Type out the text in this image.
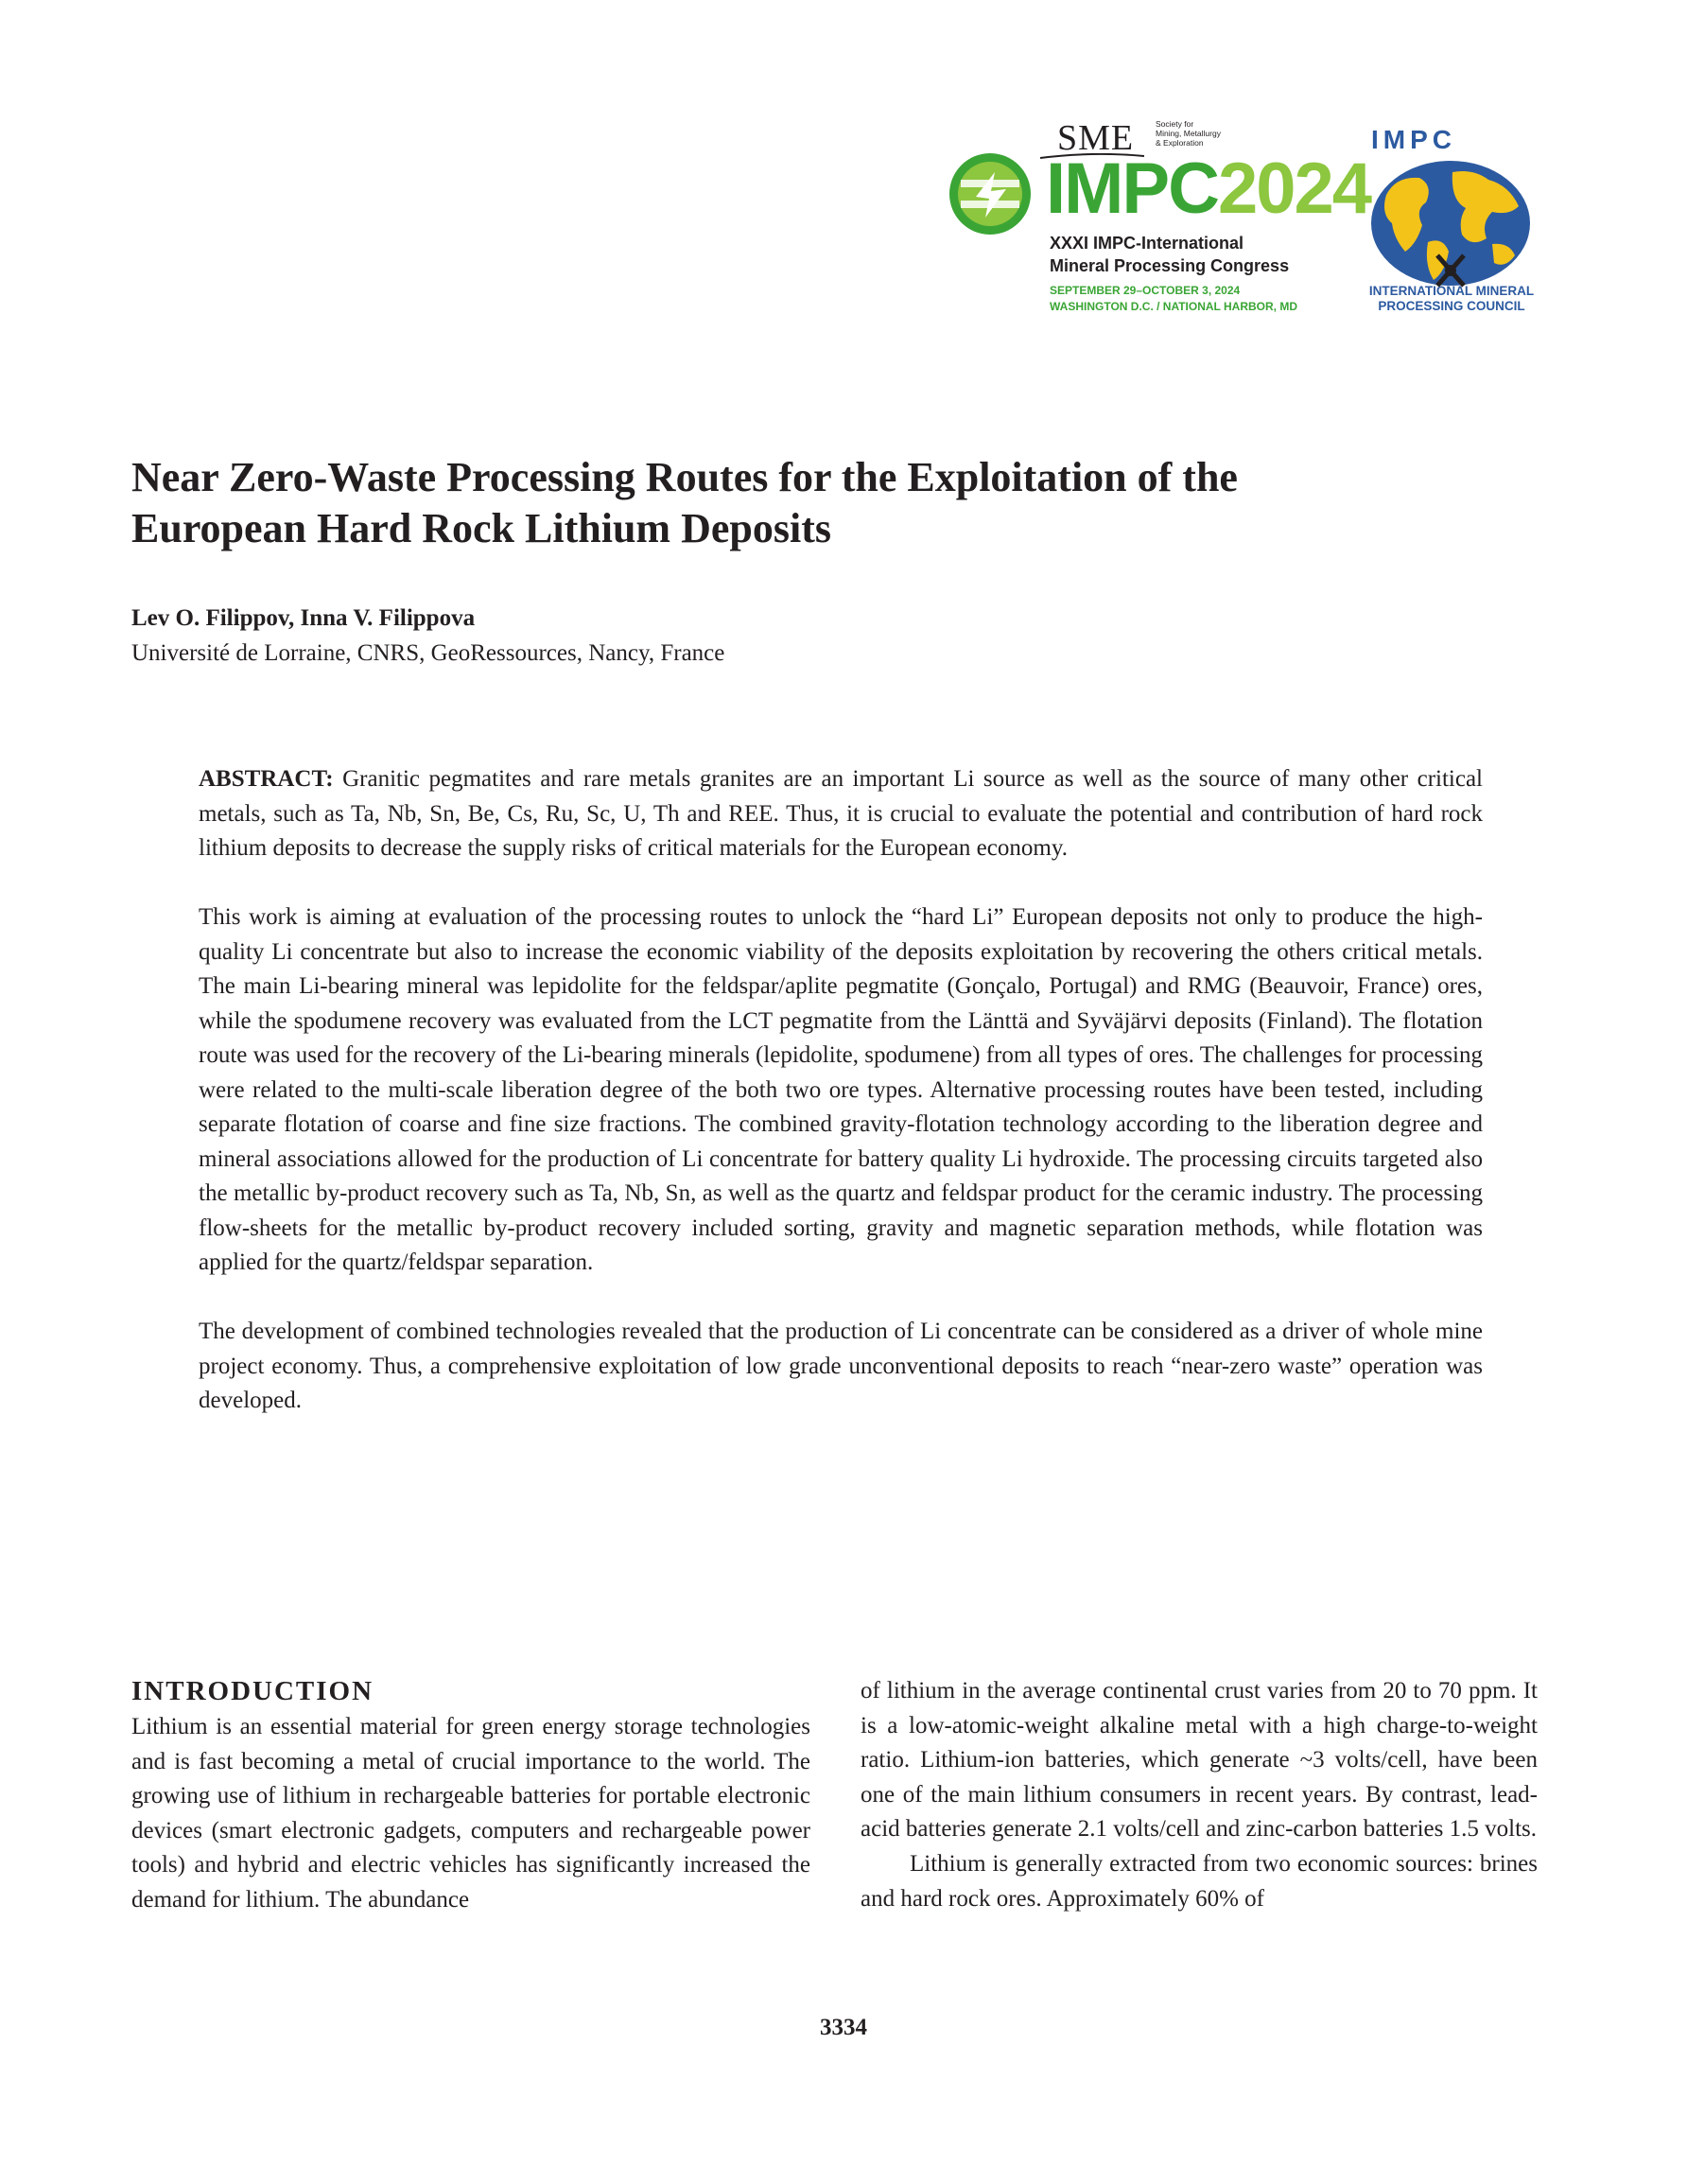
SME	Society for
Mining, Metallurgy
& Exploration
IMPC2024
XXXI IMPC-International
Mineral Processing Congress
SEPTEMBER 29–OCTOBER 3, 2024
WASHINGTON D.C. / NATIONAL HARBOR, MD
IMPC
INTERNATIONAL MINERAL
PROCESSING COUNCIL
Near Zero-Waste Processing Routes for the Exploitation of the
European Hard Rock Lithium Deposits
Lev O. Filippov, Inna V. Filippova
Université de Lorraine, CNRS, GeoRessources, Nancy, France

ABSTRACT: Granitic pegmatites and rare metals granites are an important Li source as well as the source of many other critical metals, such as Ta, Nb, Sn, Be, Cs, Ru, Sc, U, Th and REE. Thus, it is crucial to evaluate the potential and contribution of hard rock lithium deposits to decrease the supply risks of critical materials for the European economy.

This work is aiming at evaluation of the processing routes to unlock the “hard Li” European deposits not only to produce the high-quality Li concentrate but also to increase the economic viability of the deposits exploitation by recovering the others critical metals. The main Li-bearing mineral was lepidolite for the feldspar/aplite pegmatite (Gonçalo, Portugal) and RMG (Beauvoir, France) ores, while the spodumene recovery was evaluated from the LCT pegmatite from the Länttä and Syväjärvi deposits (Finland). The flotation route was used for the recovery of the Li-bearing minerals (lepidolite, spodumene) from all types of ores. The challenges for processing were related to the multi-scale liberation degree of the both two ore types. Alternative processing routes have been tested, including separate flotation of coarse and fine size fractions. The combined gravity-flotation technology according to the liberation degree and mineral associations allowed for the production of Li concentrate for battery quality Li hydroxide. The processing circuits targeted also the metallic by-product recovery such as Ta, Nb, Sn, as well as the quartz and feldspar product for the ceramic industry. The processing flow-sheets for the metallic by-product recovery included sorting, gravity and magnetic separation methods, while flotation was applied for the quartz/feldspar separation.

The development of combined technologies revealed that the production of Li concentrate can be considered as a driver of whole mine project economy. Thus, a comprehensive exploitation of low grade unconventional deposits to reach “near-zero waste” operation was developed.

INTRODUCTION

Lithium is an essential material for green energy storage technologies and is fast becoming a metal of crucial importance to the world. The growing use of lithium in rechargeable batteries for portable electronic devices (smart electronic gadgets, computers and rechargeable power tools) and hybrid and electric vehicles has significantly increased the demand for lithium. The abundance

of lithium in the average continental crust varies from 20 to 70 ppm. It is a low-atomic-weight alkaline metal with a high charge-to-weight ratio. Lithium-ion batteries, which generate ~3 volts/cell, have been one of the main lithium consumers in recent years. By contrast, lead-acid batteries generate 2.1 volts/cell and zinc-carbon batteries 1.5 volts.

Lithium is generally extracted from two economic sources: brines and hard rock ores. Approximately 60% of

3334
